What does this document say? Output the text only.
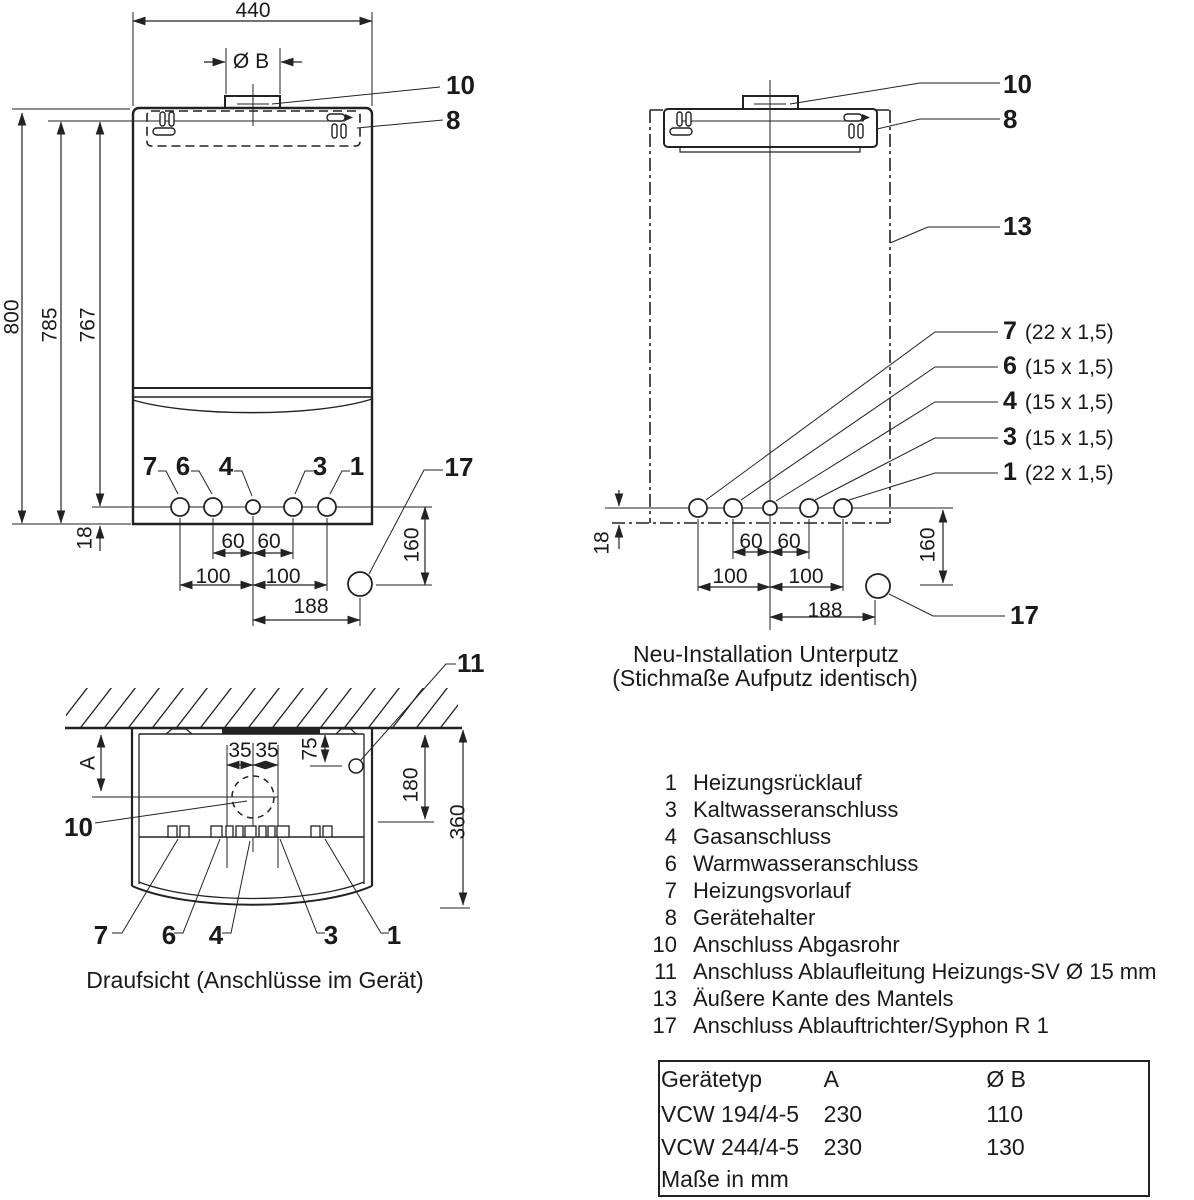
440
Ø B
10
8
800 785 767
18
7 6 4	3 1	17
60 60
100 100
188
160
10
8
13
7 (22 x 1,5)
6 (15 x 1,5)
4 (15 x 1,5)
3 (15 x 1,5)
1 (22 x 1,5)
18	60 60
100 100
188
160
17
Neu-Installation Unterputz
(Stichmaße Aufputz identisch)
11
A
35 35 75
180
360
10
7 6 4	3 1
Draufsicht (Anschlüsse im Gerät)
1 Heizungsrücklauf
3 Kaltwasseranschluss
4 Gasanschluss
6 Warmwasseranschluss
7 Heizungsvorlauf
8 Gerätehalter
10 Anschluss Abgasrohr
11 Anschluss Ablaufleitung Heizungs-SV Ø 15 mm
13 Äußere Kante des Mantels
17 Anschluss Ablauftrichter/Syphon R 1
Gerätetyp	A	Ø B
VCW 194/4-5	230	110
VCW 244/4-5	230	130
Maße in mm		
